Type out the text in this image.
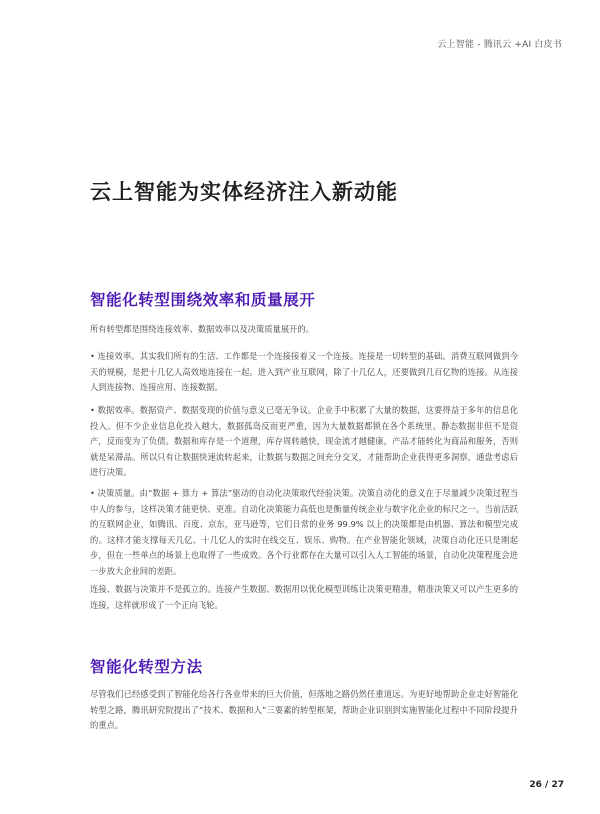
云上智能 - 腾讯云 +AI 白皮书
云上智能为实体经济注入新动能
智能化转型围绕效率和质量展开

所有转型都是围绕连接效率、数据效率以及决策质量展开的。

• 连接效率。其实我们所有的生活、工作都是一个连接接着又一个连接。连接是一切转型的基础。消费互联网做到今天的规模，是把十几亿人高效地连接在一起。进入到产业互联网，除了十几亿人，还要做到几百亿物的连接。从连接人到连接物、连接应用、连接数据。

• 数据效率。数据资产、数据变现的价值与意义已毫无争议。企业手中积累了大量的数据，这要得益于多年的信息化投入。但不少企业信息化投入越大，数据孤岛反而更严重，因为大量数据都锁在各个系统里。静态数据非但不是资产，反而变为了负债。数据和库存是一个道理，库存周转越快，现金流才越健康，产品才能转化为商品和服务，否则就是呆滞品。所以只有让数据快速流转起来，让数据与数据之间充分交叉，才能帮助企业获得更多洞察，通盘考虑后进行决策。

• 决策质量。由“数据 + 算力 + 算法”驱动的自动化决策取代经验决策。决策自动化的意义在于尽量减少决策过程当中人的参与，这样决策才能更快、更准。自动化决策能力高低也是衡量传统企业与数字化企业的标尺之一。当前活跃的互联网企业，如腾讯、百度、京东，亚马逊等，它们日常的业务 99.9% 以上的决策都是由机器、算法和模型完成的。这样才能支撑每天几亿、十几亿人的实时在线交互、娱乐、购物。在产业智能化领域，决策自动化还只是刚起步，但在一些单点的场景上也取得了一些成效。各个行业都存在大量可以引入人工智能的场景，自动化决策程度会进一步放大企业间的差距。

连接、数据与决策并不是孤立的。连接产生数据、数据用以优化模型训练让决策更精准，精准决策又可以产生更多的连接，这样就形成了一个正向飞轮。

智能化转型方法

尽管我们已经感受到了智能化给各行各业带来的巨大价值，但落地之路仍然任重道远。为更好地帮助企业走好智能化转型之路，腾讯研究院提出了“技术、数据和人”三要素的转型框架，帮助企业识别到实施智能化过程中不同阶段提升的重点。

26 / 27
